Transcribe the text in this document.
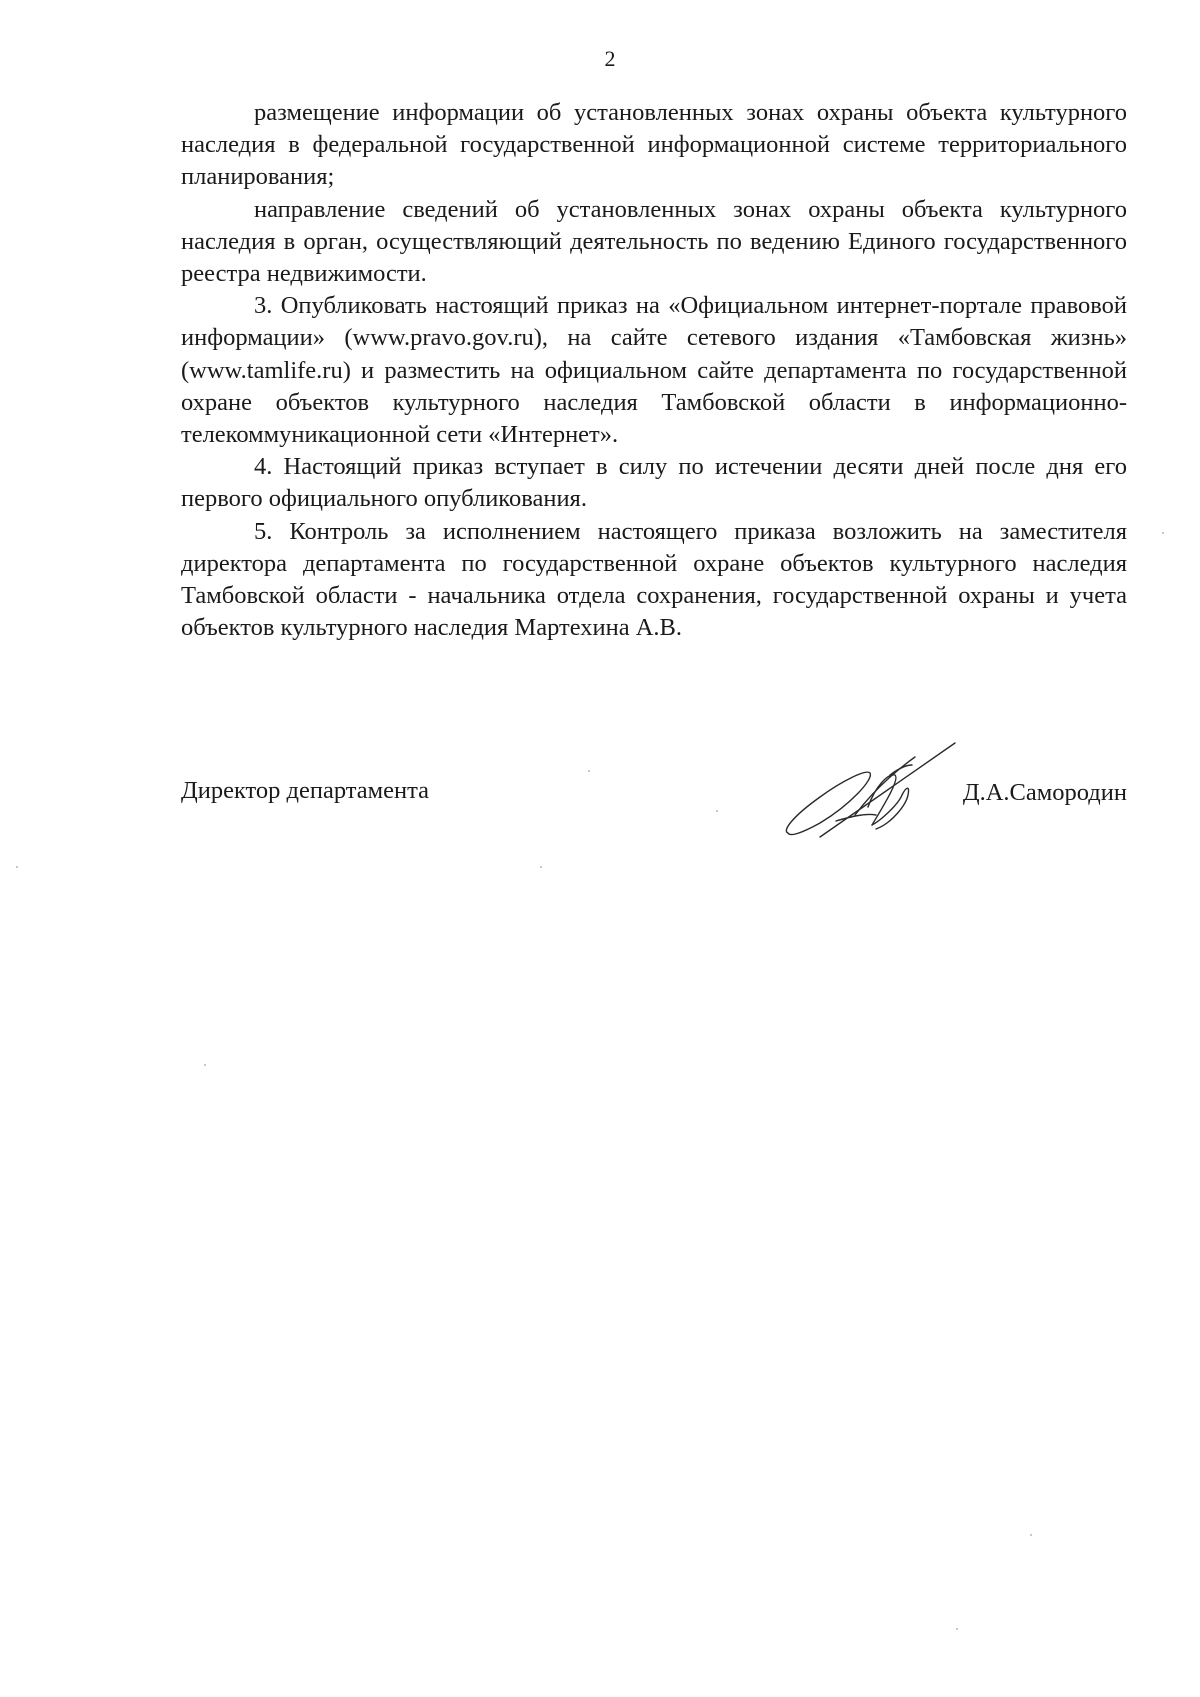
2

размещение информации об установленных зонах охраны объекта культурного наследия в федеральной государственной информационной системе территориального планирования;

направление сведений об установленных зонах охраны объекта культурного наследия в орган, осуществляющий деятельность по ведению Единого государственного реестра недвижимости.

3. Опубликовать настоящий приказ на «Официальном интернет-портале правовой информации» (www.pravo.gov.ru), на сайте сетевого издания «Тамбовская жизнь» (www.tamlife.ru) и разместить на официальном сайте департамента по государственной охране объектов культурного наследия Тамбовской области в информационно-телекоммуникационной сети «Интернет».

4. Настоящий приказ вступает в силу по истечении десяти дней после дня его первого официального опубликования.

5. Контроль за исполнением настоящего приказа возложить на заместителя директора департамента по государственной охране объектов культурного наследия Тамбовской области - начальника отдела сохранения, государственной охраны и учета объектов культурного наследия Мартехина А.В.

Директор департамента	Д.А.Самородин
